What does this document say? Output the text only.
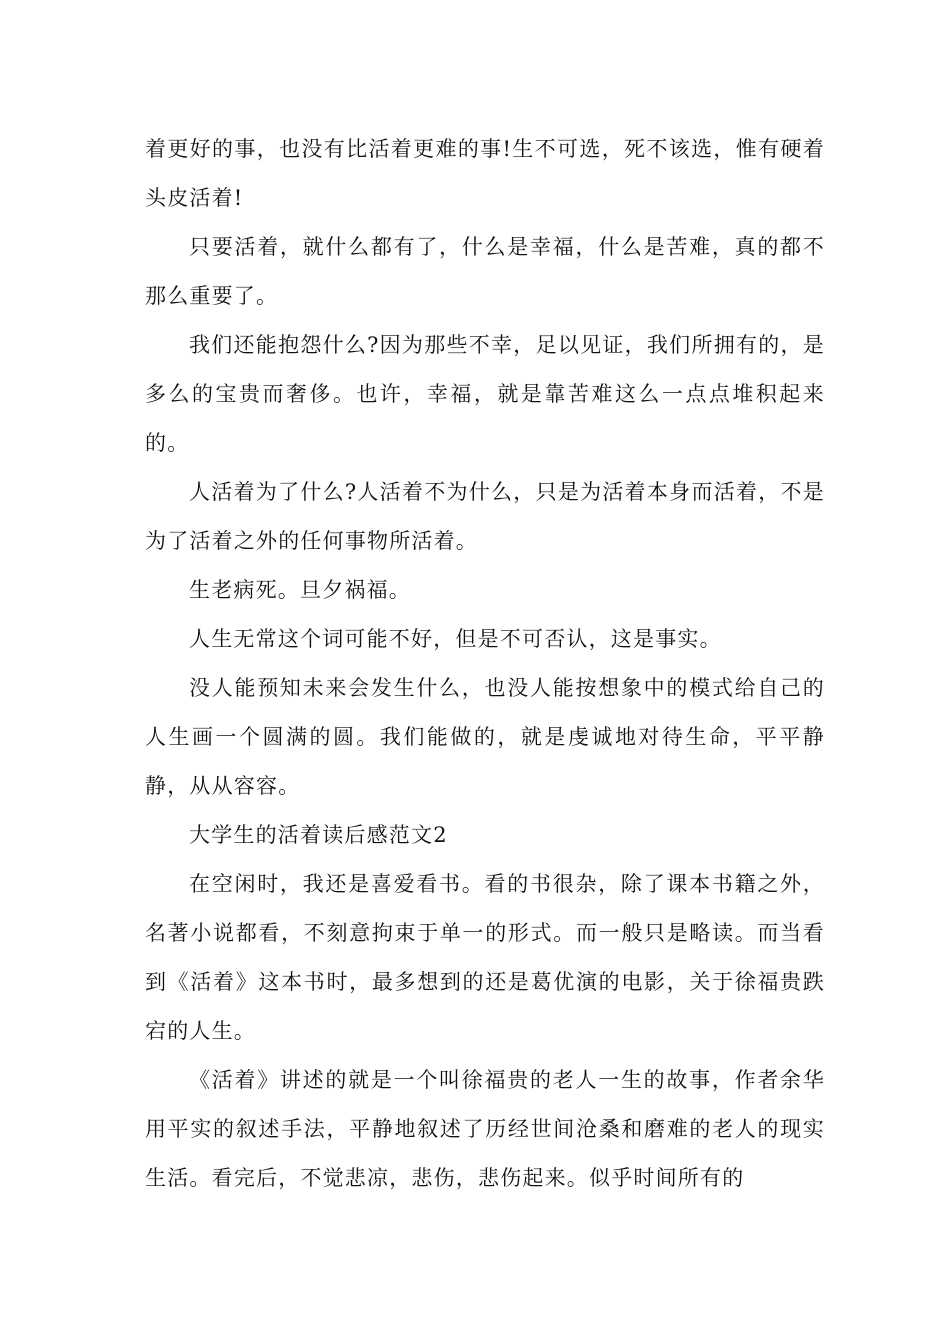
着更好的事，也没有比活着更难的事!生不可选，死不该选，惟有硬着头皮活着!

只要活着，就什么都有了，什么是幸福，什么是苦难，真的都不那么重要了。

我们还能抱怨什么?因为那些不幸，足以见证，我们所拥有的，是多么的宝贵而奢侈。也许，幸福，就是靠苦难这么一点点堆积起来的。

人活着为了什么?人活着不为什么，只是为活着本身而活着，不是为了活着之外的任何事物所活着。

生老病死。旦夕祸福。

人生无常这个词可能不好，但是不可否认，这是事实。

没人能预知未来会发生什么，也没人能按想象中的模式给自己的人生画一个圆满的圆。我们能做的，就是虔诚地对待生命，平平静静，从从容容。

大学生的活着读后感范文2

在空闲时，我还是喜爱看书。看的书很杂，除了课本书籍之外，名著小说都看，不刻意拘束于单一的形式。而一般只是略读。而当看到《活着》这本书时，最多想到的还是葛优演的电影，关于徐福贵跌宕的人生。

《活着》讲述的就是一个叫徐福贵的老人一生的故事，作者余华用平实的叙述手法，平静地叙述了历经世间沧桑和磨难的老人的现实生活。看完后，不觉悲凉，悲伤，悲伤起来。似乎时间所有的
